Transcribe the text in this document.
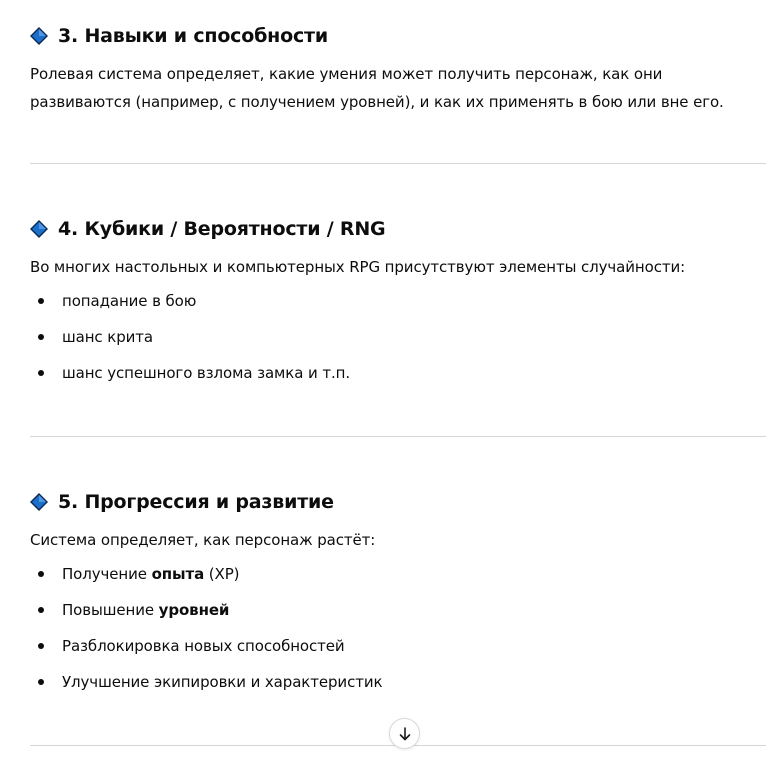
3. Навыки и способности

Ролевая система определяет, какие умения может получить персонаж, как они развиваются (например, с получением уровней), и как их применять в бою или вне его.

4. Кубики / Вероятности / RNG

Во многих настольных и компьютерных RPG присутствуют элементы случайности:

попадание в бою
шанс крита
шанс успешного взлома замка и т.п.
5. Прогрессия и развитие

Система определяет, как персонаж растёт:

Получение опыта (XP)
Повышение уровней
Разблокировка новых способностей
Улучшение экипировки и характеристик
